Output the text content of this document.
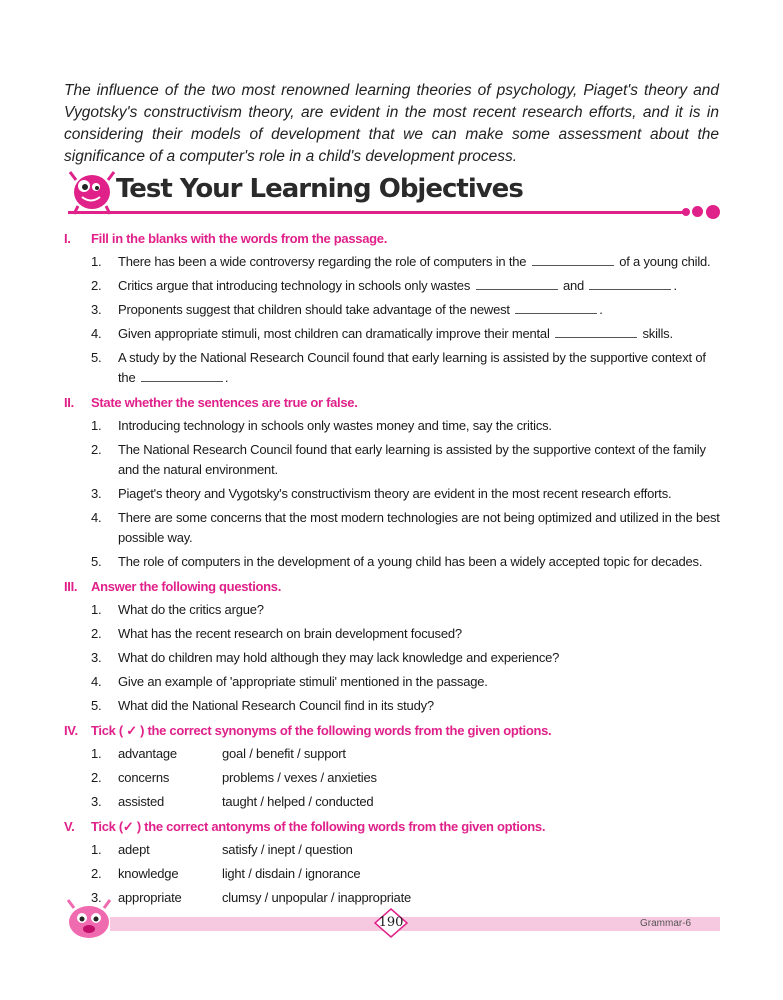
The influence of the two most renowned learning theories of psychology, Piaget's theory and Vygotsky's constructivism theory, are evident in the most recent research efforts, and it is in considering their models of development that we can make some assessment about the significance of a computer's role in a child's development process.

Test Your Learning Objectives
I.	Fill in the blanks with the words from the passage.
1.	There has been a wide controversy regarding the role of computers in the	of a young child.
2.	Critics argue that introducing technology in schools only wastes	and	.
3.	Proponents suggest that children should take advantage of the newest	.
4.	Given appropriate stimuli, most children can dramatically improve their mental	skills.
5.	A study by the National Research Council found that early learning is assisted by the supportive context of the	.
II.	State whether the sentences are true or false.
1.	Introducing technology in schools only wastes money and time, say the critics.
2.	The National Research Council found that early learning is assisted by the supportive context of the family and the natural environment.
3.	Piaget's theory and Vygotsky's constructivism theory are evident in the most recent research efforts.
4.	There are some concerns that the most modern technologies are not being optimized and utilized in the best possible way.
5.	The role of computers in the development of a young child has been a widely accepted topic for decades.
III.	Answer the following questions.
1.	What do the critics argue?
2.	What has the recent research on brain development focused?
3.	What do children may hold although they may lack knowledge and experience?
4.	Give an example of 'appropriate stimuli' mentioned in the passage.
5.	What did the National Research Council find in its study?
IV.	Tick ( ✓ ) the correct synonyms of the following words from the given options.
1.	advantage	goal / benefit / support
2.	concerns	problems / vexes / anxieties
3.	assisted	taught / helped / conducted
V.	Tick (✓ ) the correct antonyms of the following words from the given options.
1.	adept	satisfy / inept / question
2.	knowledge	light / disdain / ignorance
3.	appropriate	clumsy / unpopular / inappropriate
190	Grammar-6
